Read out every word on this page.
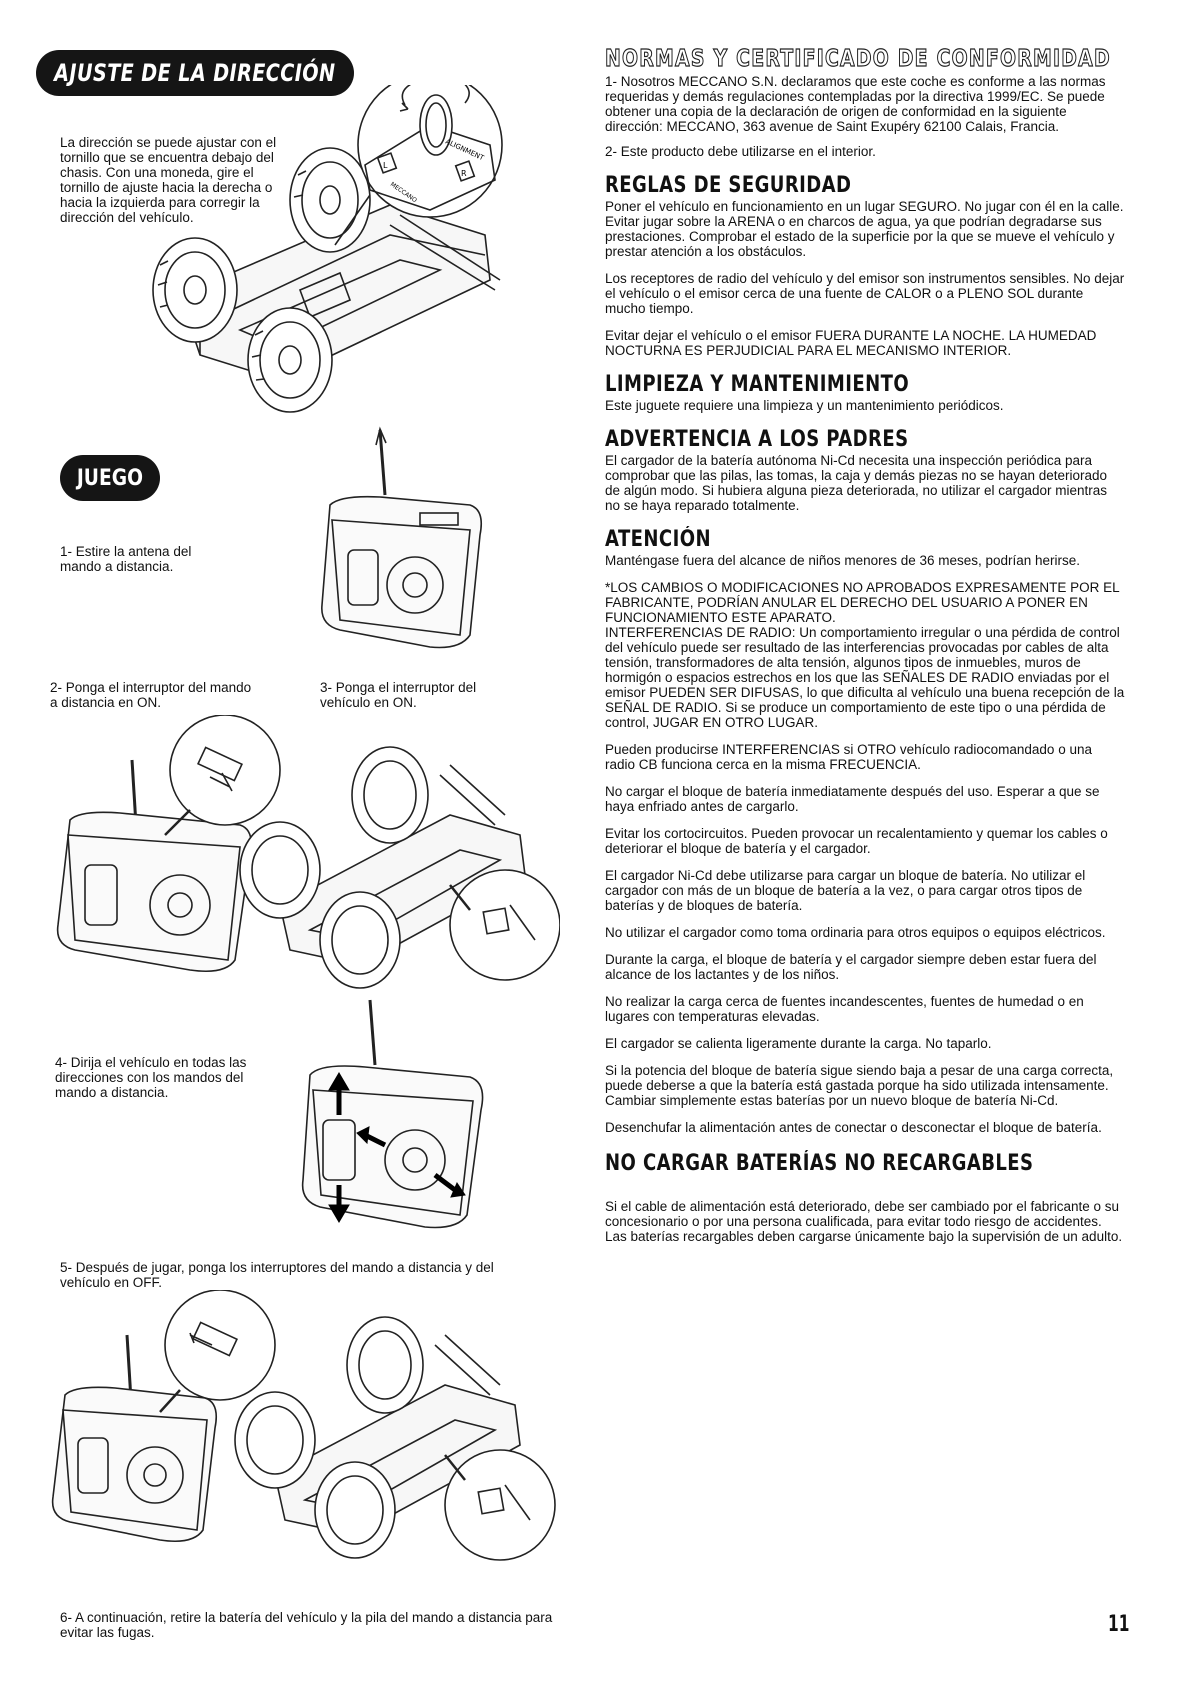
AJUSTE DE LA DIRECCIÓN

La dirección se puede ajustar con el tornillo que se encuentra debajo del chasis. Con una moneda, gire el tornillo de ajuste hacia la derecha o hacia la izquierda para corregir la dirección del vehículo.

L
R
ALIGNMENT
MECCANO
JUEGO

1- Estire la antena del mando a distancia.

2- Ponga el interruptor del mando a distancia en ON.

3- Ponga el interruptor del vehículo en ON.

4- Dirija el vehículo en todas las direcciones con los mandos del mando a distancia.

5- Después de jugar, ponga los interruptores del mando a distancia y del vehículo en OFF.

6- A continuación, retire la batería del vehículo y la pila del mando a distancia para evitar las fugas.

NORMAS Y CERTIFICADO DE CONFORMIDAD

1- Nosotros MECCANO S.N. declaramos que este coche es conforme a las normas requeridas y demás regulaciones contempladas por la directiva 1999/EC. Se puede obtener una copia de la declaración de origen de conformidad en la siguiente dirección: MECCANO, 363 avenue de Saint Exupéry 62100 Calais, Francia.

2- Este producto debe utilizarse en el interior.

REGLAS DE SEGURIDAD

Poner el vehículo en funcionamiento en un lugar SEGURO. No jugar con él en la calle. Evitar jugar sobre la ARENA o en charcos de agua, ya que podrían degradarse sus prestaciones. Comprobar el estado de la superficie por la que se mueve el vehículo y prestar atención a los obstáculos.

Los receptores de radio del vehículo y del emisor son instrumentos sensibles. No dejar el vehículo o el emisor cerca de una fuente de CALOR o a PLENO SOL durante mucho tiempo.

Evitar dejar el vehículo o el emisor FUERA DURANTE LA NOCHE. LA HUMEDAD NOCTURNA ES PERJUDICIAL PARA EL MECANISMO INTERIOR.

LIMPIEZA Y MANTENIMIENTO

Este juguete requiere una limpieza y un mantenimiento periódicos.

ADVERTENCIA A LOS PADRES

El cargador de la batería autónoma Ni-Cd necesita una inspección periódica para comprobar que las pilas, las tomas, la caja y demás piezas no se hayan deteriorado de algún modo. Si hubiera alguna pieza deteriorada, no utilizar el cargador mientras no se haya reparado totalmente.

ATENCIÓN

Manténgase fuera del alcance de niños menores de 36 meses, podrían herirse.

*LOS CAMBIOS O MODIFICACIONES NO APROBADOS EXPRESAMENTE POR EL FABRICANTE, PODRÍAN ANULAR EL DERECHO DEL USUARIO A PONER EN FUNCIONAMIENTO ESTE APARATO.

INTERFERENCIAS DE RADIO: Un comportamiento irregular o una pérdida de control del vehículo puede ser resultado de las interferencias provocadas por cables de alta tensión, transformadores de alta tensión, algunos tipos de inmuebles, muros de hormigón o espacios estrechos en los que las SEÑALES DE RADIO enviadas por el emisor PUEDEN SER DIFUSAS, lo que dificulta al vehículo una buena recepción de la SEÑAL DE RADIO. Si se produce un comportamiento de este tipo o una pérdida de control, JUGAR EN OTRO LUGAR.

Pueden producirse INTERFERENCIAS si OTRO vehículo radiocomandado o una radio CB funciona cerca en la misma FRECUENCIA.

No cargar el bloque de batería inmediatamente después del uso. Esperar a que se haya enfriado antes de cargarlo.

Evitar los cortocircuitos. Pueden provocar un recalentamiento y quemar los cables o deteriorar el bloque de batería y el cargador.

El cargador Ni-Cd debe utilizarse para cargar un bloque de batería. No utilizar el cargador con más de un bloque de batería a la vez, o para cargar otros tipos de baterías y de bloques de batería.

No utilizar el cargador como toma ordinaria para otros equipos o equipos eléctricos.

Durante la carga, el bloque de batería y el cargador siempre deben estar fuera del alcance de los lactantes y de los niños.

No realizar la carga cerca de fuentes incandescentes, fuentes de humedad o en lugares con temperaturas elevadas.

El cargador se calienta ligeramente durante la carga. No taparlo.

Si la potencia del bloque de batería sigue siendo baja a pesar de una carga correcta, puede deberse a que la batería está gastada porque ha sido utilizada intensamente. Cambiar simplemente estas baterías por un nuevo bloque de batería Ni-Cd.

Desenchufar la alimentación antes de conectar o desconectar el bloque de batería.

NO CARGAR BATERÍAS NO RECARGABLES

Si el cable de alimentación está deteriorado, debe ser cambiado por el fabricante o su concesionario o por una persona cualificada, para evitar todo riesgo de accidentes.

Las baterías recargables deben cargarse únicamente bajo la supervisión de un adulto.

11
